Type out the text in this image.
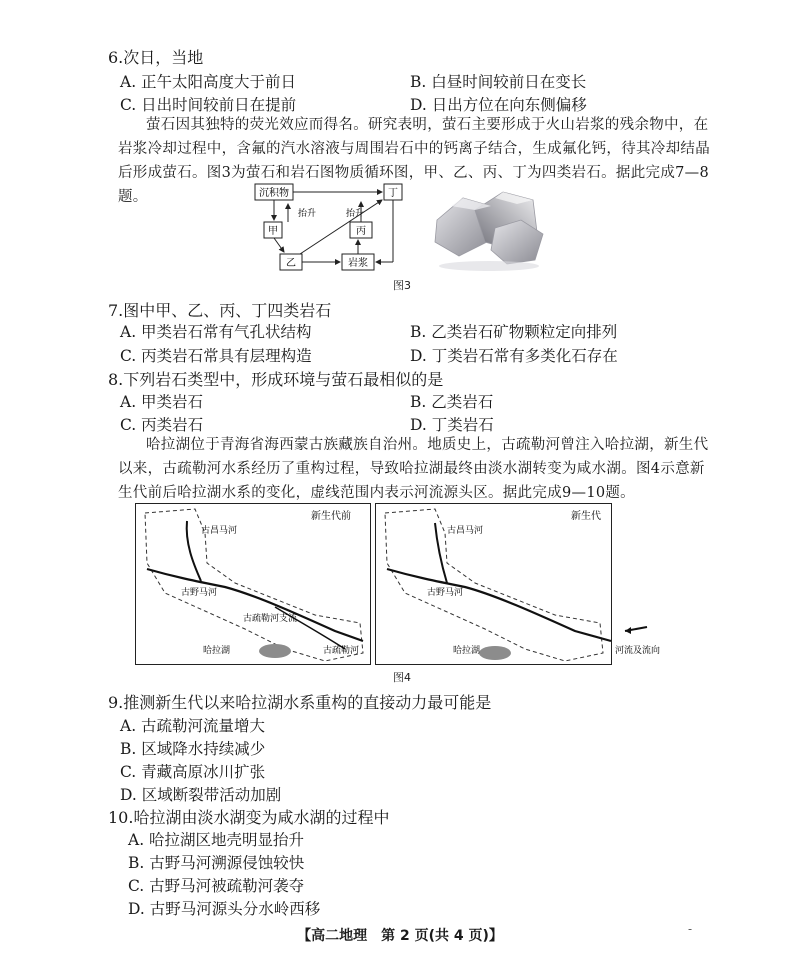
6.次日，当地
A. 正午太阳高度大于前日	B. 白昼时间较前日在变长
C. 日出时间较前日在提前	D. 日出方位在向东侧偏移
萤石因其独特的荧光效应而得名。研究表明，萤石主要形成于火山岩浆的残余物中，在岩浆冷却过程中，含氟的汽水溶液与周围岩石中的钙离子结合，生成氟化钙，待其冷却结晶后形成萤石。图3为萤石和岩石图物质循环图，甲、乙、丙、丁为四类岩石。据此完成7—8题。	沉积物	丁
甲	丙
乙	岩浆
抬升	抬升
图3
7.图中甲、乙、丙、丁四类岩石
A. 甲类岩石常有气孔状结构	B. 乙类岩石矿物颗粒定向排列
C. 丙类岩石常具有层理构造	D. 丁类岩石常有多类化石存在
8.下列岩石类型中，形成环境与萤石最相似的是
A. 甲类岩石	B. 乙类岩石
C. 丙类岩石	D. 丁类岩石
哈拉湖位于青海省海西蒙古族藏族自治州。地质史上，古疏勒河曾注入哈拉湖，新生代以来，古疏勒河水系经历了重构过程，导致哈拉湖最终由淡水湖转变为咸水湖。图4示意新生代前后哈拉湖水系的变化，虚线范围内表示河流源头区。据此完成9—10题。
新生代前
古昌马河
古野马河
古疏勒河支流
古疏勒河
哈拉湖
新生代
古昌马河
古野马河
哈拉湖	河流及流向
图4
9.推测新生代以来哈拉湖水系重构的直接动力最可能是
A. 古疏勒河流量增大
B. 区域降水持续减少
C. 青藏高原冰川扩张
D. 区域断裂带活动加剧
10.哈拉湖由淡水湖变为咸水湖的过程中
A. 哈拉湖区地壳明显抬升
B. 古野马河溯源侵蚀较快
C. 古野马河被疏勒河袭夺
D. 古野马河源头分水岭西移
【高二地理　第 2 页(共 4 页)】	-
